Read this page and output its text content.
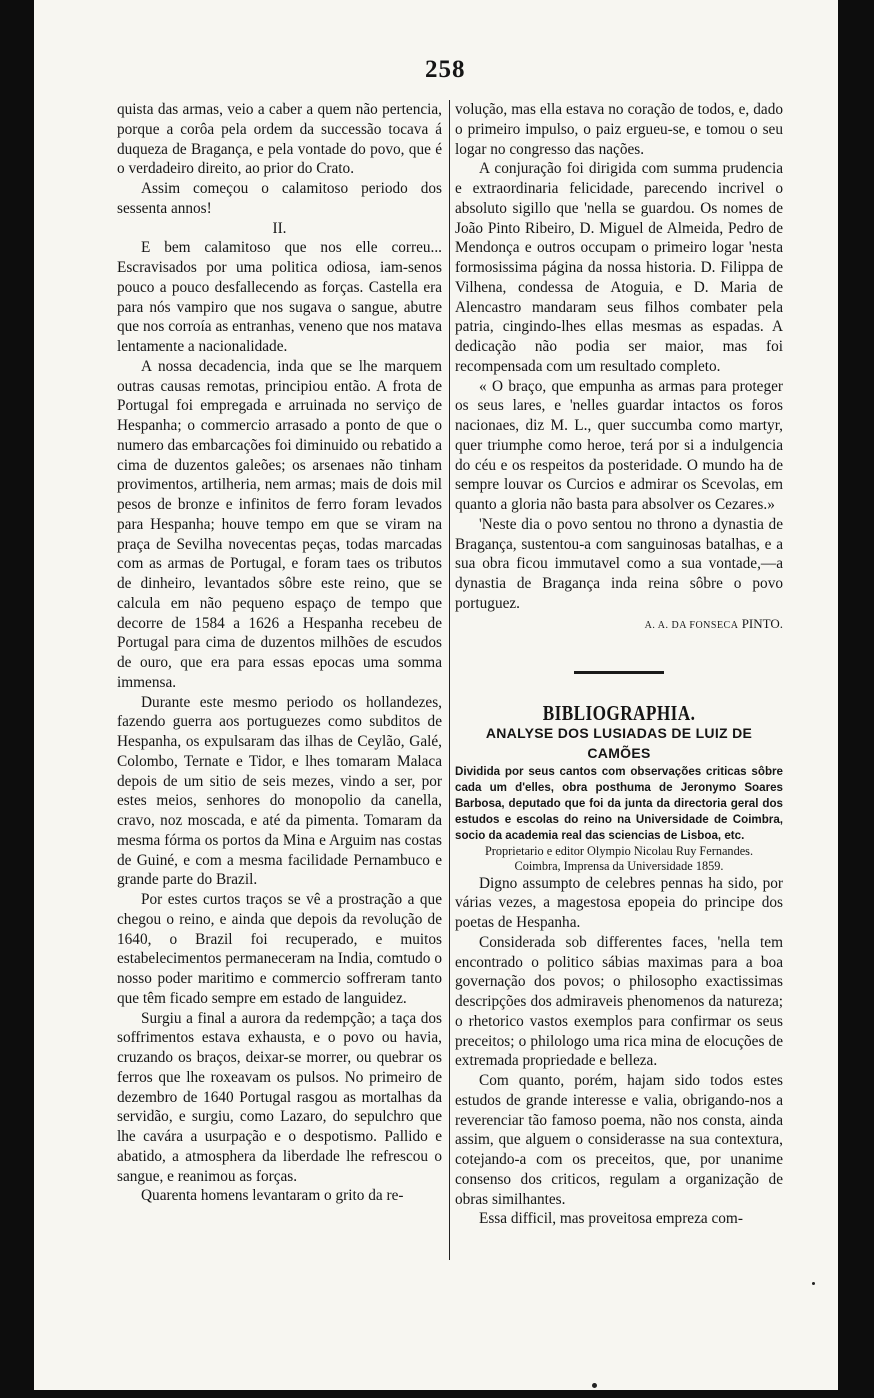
258

quista das armas, veio a caber a quem não pertencia, porque a corôa pela ordem da successão tocava á duqueza de Bragança, e pela vontade do povo, que é o verdadeiro direito, ao prior do Crato.

Assim começou o calamitoso periodo dos sessenta annos!

II.

E bem calamitoso que nos elle correu... Escravisados por uma politica odiosa, iam-senos pouco a pouco desfallecendo as forças. Castella era para nós vampiro que nos sugava o sangue, abutre que nos corroía as entranhas, veneno que nos matava lentamente a nacionalidade.

A nossa decadencia, inda que se lhe marquem outras causas remotas, principiou então. A frota de Portugal foi empregada e arruinada no serviço de Hespanha; o commercio arrasado a ponto de que o numero das embarcações foi diminuido ou rebatido a cima de duzentos galeões; os arsenaes não tinham provimentos, artilheria, nem armas; mais de dois mil pesos de bronze e infinitos de ferro foram levados para Hespanha; houve tempo em que se viram na praça de Sevilha novecentas peças, todas marcadas com as armas de Portugal, e foram taes os tributos de dinheiro, levantados sôbre este reino, que se calcula em não pequeno espaço de tempo que decorre de 1584 a 1626 a Hespanha recebeu de Portugal para cima de duzentos milhões de escudos de ouro, que era para essas epocas uma somma immensa.

Durante este mesmo periodo os hollandezes, fazendo guerra aos portuguezes como subditos de Hespanha, os expulsaram das ilhas de Ceylão, Galé, Colombo, Ternate e Tidor, e lhes tomaram Malaca depois de um sitio de seis mezes, vindo a ser, por estes meios, senhores do monopolio da canella, cravo, noz moscada, e até da pimenta. Tomaram da mesma fórma os portos da Mina e Arguim nas costas de Guiné, e com a mesma facilidade Pernambuco e grande parte do Brazil.

Por estes curtos traços se vê a prostração a que chegou o reino, e ainda que depois da revolução de 1640, o Brazil foi recuperado, e muitos estabelecimentos permaneceram na India, comtudo o nosso poder maritimo e commercio soffreram tanto que têm ficado sempre em estado de languidez.

Surgiu a final a aurora da redempção; a taça dos soffrimentos estava exhausta, e o povo ou havia, cruzando os braços, deixar-se morrer, ou quebrar os ferros que lhe roxeavam os pulsos. No primeiro de dezembro de 1640 Portugal rasgou as mortalhas da servidão, e surgiu, como Lazaro, do sepulchro que lhe cavára a usurpação e o despotismo. Pallido e abatido, a atmosphera da liberdade lhe refrescou o sangue, e reanimou as forças.

Quarenta homens levantaram o grito da re-

volução, mas ella estava no coração de todos, e, dado o primeiro impulso, o paiz ergueu-se, e tomou o seu logar no congresso das nações.

A conjuração foi dirigida com summa prudencia e extraordinaria felicidade, parecendo incrivel o absoluto sigillo que 'nella se guardou. Os nomes de João Pinto Ribeiro, D. Miguel de Almeida, Pedro de Mendonça e outros occupam o primeiro logar 'nesta formosissima página da nossa historia. D. Filippa de Vilhena, condessa de Atoguia, e D. Maria de Alencastro mandaram seus filhos combater pela patria, cingindo-lhes ellas mesmas as espadas. A dedicação não podia ser maior, mas foi recompensada com um resultado completo.

« O braço, que empunha as armas para proteger os seus lares, e 'nelles guardar intactos os foros nacionaes, diz M. L., quer succumba como martyr, quer triumphe como heroe, terá por si a indulgencia do céu e os respeitos da posteridade. O mundo ha de sempre louvar os Curcios e admirar os Scevolas, em quanto a gloria não basta para absolver os Cezares.»

'Neste dia o povo sentou no throno a dynastia de Bragança, sustentou-a com sanguinosas batalhas, e a sua obra ficou immutavel como a sua vontade,—a dynastia de Bragança inda reina sôbre o povo portuguez.

A. A. DA FONSECA PINTO.

BIBLIOGRAPHIA.

ANALYSE DOS LUSIADAS DE LUIZ DE CAMÕES

Dividida por seus cantos com observações criticas sôbre cada um d'elles, obra posthuma de Jeronymo Soares Barbosa, deputado que foi da junta da directoria geral dos estudos e escolas do reino na Universidade de Coimbra, socio da academia real das sciencias de Lisboa, etc.

Proprietario e editor Olympio Nicolau Ruy Fernandes.
Coimbra, Imprensa da Universidade 1859.

Digno assumpto de celebres pennas ha sido, por várias vezes, a magestosa epopeia do principe dos poetas de Hespanha.

Considerada sob differentes faces, 'nella tem encontrado o politico sábias maximas para a boa governação dos povos; o philosopho exactissimas descripções dos admiraveis phenomenos da natureza; o rhetorico vastos exemplos para confirmar os seus preceitos; o philologo uma rica mina de elocuções de extremada propriedade e belleza.

Com quanto, porém, hajam sido todos estes estudos de grande interesse e valia, obrigando-nos a reverenciar tão famoso poema, não nos consta, ainda assim, que alguem o considerasse na sua contextura, cotejando-a com os preceitos, que, por unanime consenso dos criticos, regulam a organização de obras similhantes.

Essa difficil, mas proveitosa empreza com-
